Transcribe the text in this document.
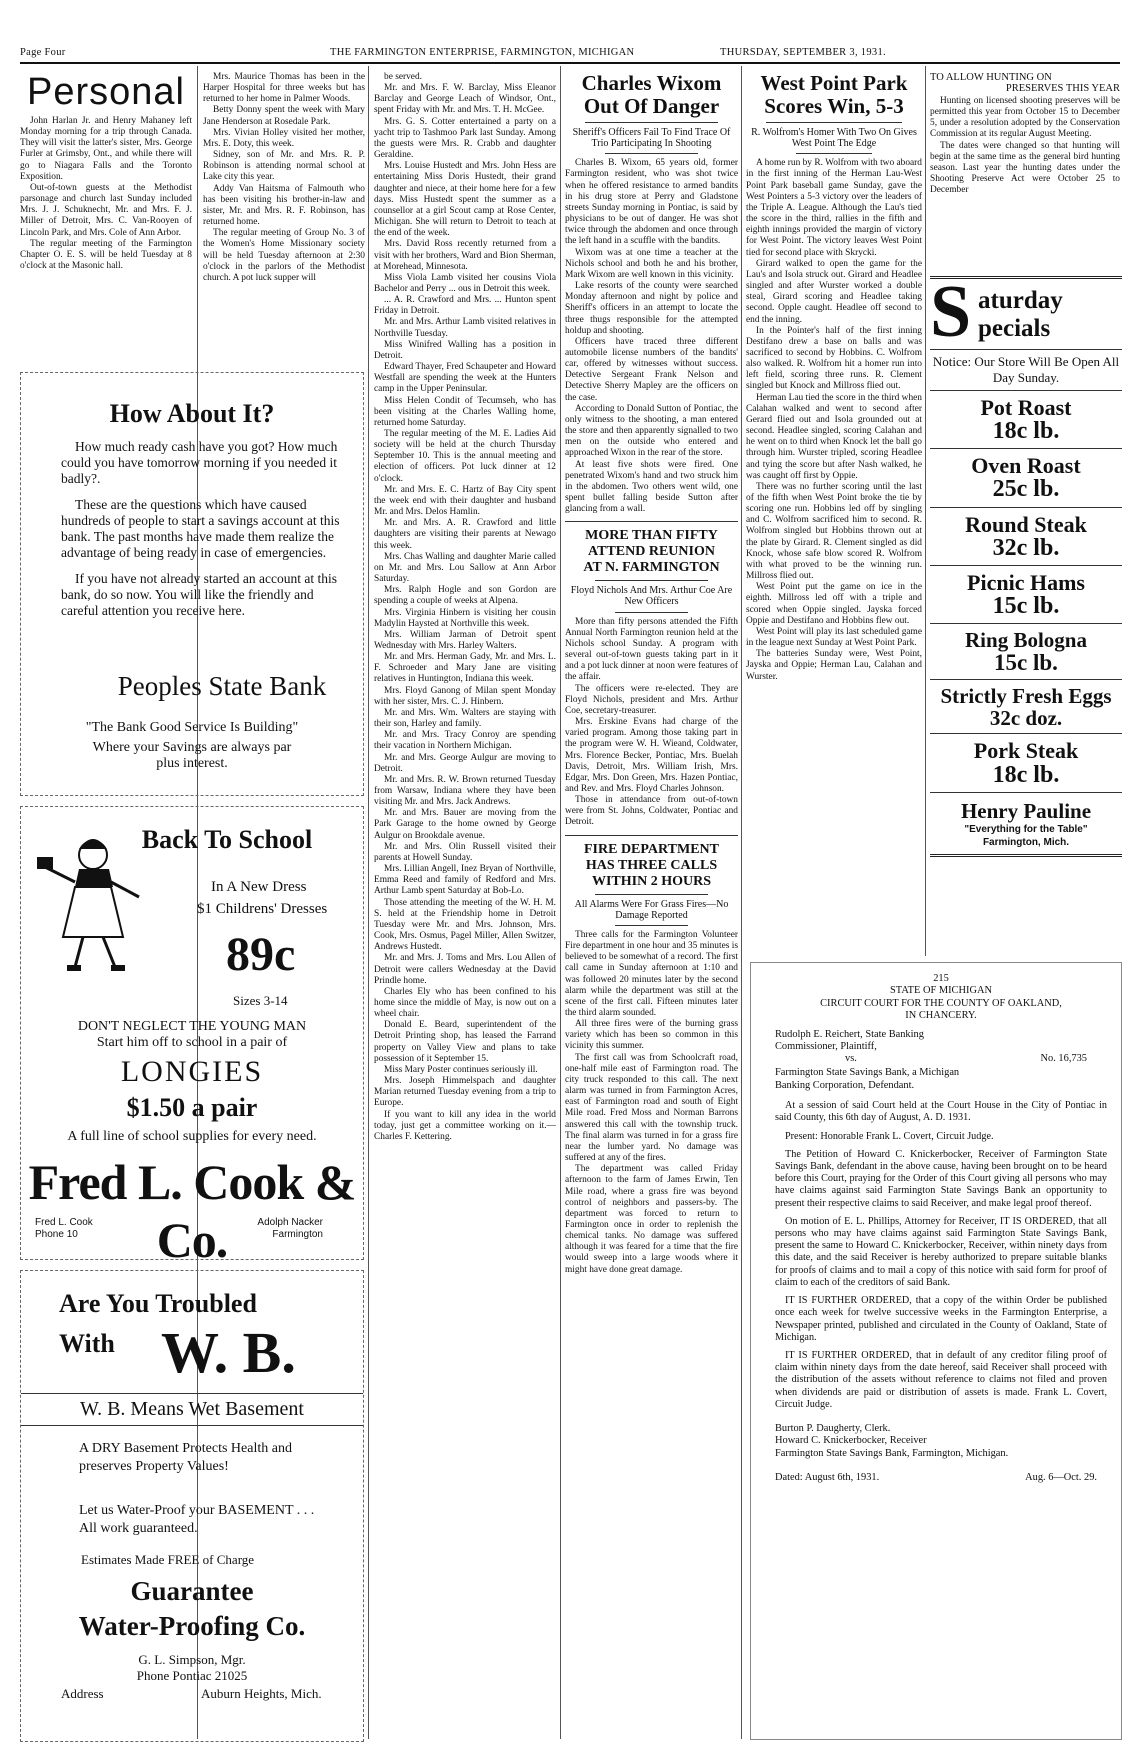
Page Four	THE FARMINGTON ENTERPRISE, FARMINGTON, MICHIGAN	THURSDAY, SEPTEMBER 3, 1931.
Personal

John Harlan Jr. and Henry Mahaney left Monday morning for a trip through Canada. They will visit the latter's sister, Mrs. George Furler at Grimsby, Ont., and while there will go to Niagara Falls and the Toronto Exposition.

Out-of-town guests at the Methodist parsonage and church last Sunday included Mrs. J. J. Schuknecht, Mr. and Mrs. F. J. Miller of Detroit, Mrs. C. Van-Rooyen of Lincoln Park, and Mrs. Cole of Ann Arbor.

The regular meeting of the Farmington Chapter O. E. S. will be held Tuesday at 8 o'clock at the Masonic hall.

Mrs. Maurice Thomas has been in the Harper Hospital for three weeks but has returned to her home in Palmer Woods.

Betty Donny spent the week with Mary Jane Henderson at Rosedale Park.

Mrs. Vivian Holley visited her mother, Mrs. E. Doty, this week.

Sidney, son of Mr. and Mrs. R. P. Robinson is attending normal school at Lake city this year.

Addy Van Haitsma of Falmouth who has been visiting his brother-in-law and sister, Mr. and Mrs. R. F. Robinson, has returned home.

The regular meeting of Group No. 3 of the Women's Home Missionary society will be held Tuesday afternoon at 2:30 o'clock in the parlors of the Methodist church. A pot luck supper will

How About It?

How much ready cash have you got? How much could you have tomorrow morning if you needed it badly?.

These are the questions which have caused hundreds of people to start a savings account at this bank. The past months have made them realize the advantage of being ready in case of emergencies.

If you have not already started an account at this bank, do so now. You will like the friendly and careful attention you receive here.

Peoples State Bank
"The Bank Good Service Is Building"
Where your Savings are always par plus interest.
Back To School
In A New Dress
$1 Childrens' Dresses
89c
Sizes 3-14
DON'T NEGLECT THE YOUNG MAN
Start him off to school in a pair of
LONGIES
$1.50 a pair
A full line of school supplies for every need.
Fred L. Cook & Co.
Fred L. Cook
Phone 10
Adolph Nacker
Farmington
Are You Troubled
With W. B.
W. B. Means Wet Basement
A DRY Basement Protects Health and preserves Property Values!
Let us Water-Proof your BASEMENT . . . All work guaranteed.
Estimates Made FREE of Charge
Guarantee
Water-Proofing Co.
G. L. Simpson, Mgr.
Phone Pontiac 21025
Address	Auburn Heights, Mich.

be served.

Mr. and Mrs. F. W. Barclay, Miss Eleanor Barclay and George Leach of Windsor, Ont., spent Friday with Mr. and Mrs. T. H. McGee.

Mrs. G. S. Cotter entertained a party on a yacht trip to Tashmoo Park last Sunday. Among the guests were Mrs. R. Crabb and daughter Geraldine.

Mrs. Louise Hustedt and Mrs. John Hess are entertaining Miss Doris Hustedt, their grand daughter and niece, at their home here for a few days. Miss Hustedt spent the summer as a counsellor at a girl Scout camp at Rose Center, Michigan. She will return to Detroit to teach at the end of the week.

Mrs. David Ross recently returned from a visit with her brothers, Ward and Bion Sherman, at Morehead, Minnesota.

Miss Viola Lamb visited her cousins Viola Bachelor and Perry ... ous in Detroit this week.

... A. R. Crawford and Mrs. ... Hunton spent Friday in Detroit.

Mr. and Mrs. Arthur Lamb visited relatives in Northville Tuesday.

Miss Winifred Walling has a position in Detroit.

Edward Thayer, Fred Schaupeter and Howard Westfall are spending the week at the Hunters camp in the Upper Peninsular.

Miss Helen Condit of Tecumseh, who has been visiting at the Charles Walling home, returned home Saturday.

The regular meeting of the M. E. Ladies Aid society will be held at the church Thursday September 10. This is the annual meeting and election of officers. Pot luck dinner at 12 o'clock.

Mr. and Mrs. E. C. Hartz of Bay City spent the week end with their daughter and husband Mr. and Mrs. Delos Hamlin.

Mr. and Mrs. A. R. Crawford and little daughters are visiting their parents at Newago this week.

Mrs. Chas Walling and daughter Marie called on Mr. and Mrs. Lou Sallow at Ann Arbor Saturday.

Mrs. Ralph Hogle and son Gordon are spending a couple of weeks at Alpena.

Mrs. Virginia Hinbern is visiting her cousin Madylin Haysted at Northville this week.

Mrs. William Jarman of Detroit spent Wednesday with Mrs. Harley Walters.

Mr. and Mrs. Herman Gady, Mr. and Mrs. L. F. Schroeder and Mary Jane are visiting relatives in Huntington, Indiana this week.

Mrs. Floyd Ganong of Milan spent Monday with her sister, Mrs. C. J. Hinbern.

Mr. and Mrs. Wm. Walters are staying with their son, Harley and family.

Mr. and Mrs. Tracy Conroy are spending their vacation in Northern Michigan.

Mr. and Mrs. George Aulgur are moving to Detroit.

Mr. and Mrs. R. W. Brown returned Tuesday from Warsaw, Indiana where they have been visiting Mr. and Mrs. Jack Andrews.

Mr. and Mrs. Bauer are moving from the Park Garage to the home owned by George Aulgur on Brookdale avenue.

Mr. and Mrs. Olin Russell visited their parents at Howell Sunday.

Mrs. Lillian Angell, Inez Bryan of Northville, Emma Reed and family of Redford and Mrs. Arthur Lamb spent Saturday at Bob-Lo.

Those attending the meeting of the W. H. M. S. held at the Friendship home in Detroit Tuesday were Mr. and Mrs. Johnson, Mrs. Cook, Mrs. Osmus, Pagel Miller, Allen Switzer, Andrews Hustedt.

Mr. and Mrs. J. Toms and Mrs. Lou Allen of Detroit were callers Wednesday at the David Prindle home.

Charles Ely who has been confined to his home since the middle of May, is now out on a wheel chair.

Donald E. Beard, superintendent of the Detroit Printing shop, has leased the Farrand property on Valley View and plans to take possession of it September 15.

Miss Mary Poster continues seriously ill.

Mrs. Joseph Himmelspach and daughter Marian returned Tuesday evening from a trip to Europe.

If you want to kill any idea in the world today, just get a committee working on it.—Charles F. Kettering.

Charles Wixom
Out Of Danger
Sheriff's Officers Fail To Find Trace Of Trio Participating In Shooting

Charles B. Wixom, 65 years old, former Farmington resident, who was shot twice when he offered resistance to armed bandits in his drug store at Perry and Gladstone streets Sunday morning in Pontiac, is said by physicians to be out of danger. He was shot twice through the abdomen and once through the left hand in a scuffle with the bandits.

Wixom was at one time a teacher at the Nichols school and both he and his brother, Mark Wixom are well known in this vicinity.

Lake resorts of the county were searched Monday afternoon and night by police and Sheriff's officers in an attempt to locate the three thugs responsible for the attempted holdup and shooting.

Officers have traced three different automobile license numbers of the bandits' car, offered by witnesses without success. Detective Sergeant Frank Nelson and Detective Sherry Mapley are the officers on the case.

According to Donald Sutton of Pontiac, the only witness to the shooting, a man entered the store and then apparently signalled to two men on the outside who entered and approached Wixon in the rear of the store.

At least five shots were fired. One penetrated Wixom's hand and two struck him in the abdomen. Two others went wild, one spent bullet falling beside Sutton after glancing from a wall.

MORE THAN FIFTY
ATTEND REUNION
AT N. FARMINGTON
Floyd Nichols And Mrs. Arthur Coe Are New Officers

More than fifty persons attended the Fifth Annual North Farmington reunion held at the Nichols school Sunday. A program with several out-of-town guests taking part in it and a pot luck dinner at noon were features of the affair.

The officers were re-elected. They are Floyd Nichols, president and Mrs. Arthur Coe, secretary-treasurer.

Mrs. Erskine Evans had charge of the varied program. Among those taking part in the program were W. H. Wieand, Coldwater, Mrs. Florence Becker, Pontiac, Mrs. Buelah Davis, Detroit, Mrs. William Irish, Mrs. Edgar, Mrs. Don Green, Mrs. Hazen Pontiac, and Rev. and Mrs. Floyd Charles Johnson.

Those in attendance from out-of-town were from St. Johns, Coldwater, Pontiac and Detroit.

FIRE DEPARTMENT
HAS THREE CALLS
WITHIN 2 HOURS
All Alarms Were For Grass Fires—No Damage Reported

Three calls for the Farmington Volunteer Fire department in one hour and 35 minutes is believed to be somewhat of a record. The first call came in Sunday afternoon at 1:10 and was followed 20 minutes later by the second alarm while the department was still at the scene of the first call. Fifteen minutes later the third alarm sounded.

All three fires were of the burning grass variety which has been so common in this vicinity this summer.

The first call was from Schoolcraft road, one-half mile east of Farmington road. The city truck responded to this call. The next alarm was turned in from Farmington Acres, east of Farmington road and south of Eight Mile road. Fred Moss and Norman Barrons answered this call with the township truck. The final alarm was turned in for a grass fire near the lumber yard. No damage was suffered at any of the fires.

The department was called Friday afternoon to the farm of James Erwin, Ten Mile road, where a grass fire was beyond control of neighbors and passers-by. The department was forced to return to Farmington once in order to replenish the chemical tanks. No damage was suffered although it was feared for a time that the fire would sweep into a large woods where it might have done great damage.

West Point Park
Scores Win, 5-3
R. Wolfrom's Homer With Two On Gives West Point The Edge

A home run by R. Wolfrom with two aboard in the first inning of the Herman Lau-West Point Park baseball game Sunday, gave the West Pointers a 5-3 victory over the leaders of the Triple A. League. Although the Lau's tied the score in the third, rallies in the fifth and eighth innings provided the margin of victory for West Point. The victory leaves West Point tied for second place with Skrycki.

Girard walked to open the game for the Lau's and Isola struck out. Girard and Headlee singled and after Wurster worked a double steal, Girard scoring and Headlee taking second. Opple caught. Headlee off second to end the inning.

In the Pointer's half of the first inning Destifano drew a base on balls and was sacrificed to second by Hobbins. C. Wolfrom also walked. R. Wolfrom hit a homer run into left field, scoring three runs. R. Clement singled but Knock and Millross flied out.

Herman Lau tied the score in the third when Calahan walked and went to second after Gerard flied out and Isola grounded out at second. Headlee singled, scoring Calahan and he went on to third when Knock let the ball go through him. Wurster tripled, scoring Headlee and tying the score but after Nash walked, he was caught off first by Oppie.

There was no further scoring until the last of the fifth when West Point broke the tie by scoring one run. Hobbins led off by singling and C. Wolfrom sacrificed him to second. R. Wolfrom singled but Hobbins thrown out at the plate by Girard. R. Clement singled as did Knock, whose safe blow scored R. Wolfrom with what proved to be the winning run. Millross flied out.

West Point put the game on ice in the eighth. Millross led off with a triple and scored when Oppie singled. Jayska forced Oppie and Destifano and Hobbins flew out.

West Point will play its last scheduled game in the league next Sunday at West Point Park.

The batteries Sunday were, West Point, Jayska and Oppie; Herman Lau, Calahan and Wurster.

TO ALLOW HUNTING ON
PRESERVES THIS YEAR

Hunting on licensed shooting preserves will be permitted this year from October 15 to December 5, under a resolution adopted by the Conservation Commission at its regular August Meeting.

The dates were changed so that hunting will begin at the same time as the general bird hunting season. Last year the hunting dates under the Shooting Preserve Act were October 25 to December

S aturday
pecials
Notice: Our Store Will Be Open All Day Sunday.
Pot Roast
18c lb.
Oven Roast
25c lb.
Round Steak
32c lb.
Picnic Hams
15c lb.
Ring Bologna
15c lb.
Strictly Fresh Eggs
32c doz.
Pork Steak
18c lb.
Henry Pauline
"Everything for the Table"
Farmington, Mich.
215
STATE OF MICHIGAN
CIRCUIT COURT FOR THE COUNTY OF OAKLAND, IN CHANCERY.
Rudolph E. Reichert, State Banking Commissioner, Plaintiff,
vs.	No. 16,735
Farmington State Savings Bank, a Michigan Banking Corporation, Defendant.

At a session of said Court held at the Court House in the City of Pontiac in said County, this 6th day of August, A. D. 1931.

Present: Honorable Frank L. Covert, Circuit Judge.

The Petition of Howard C. Knickerbocker, Receiver of Farmington State Savings Bank, defendant in the above cause, having been brought on to be heard before this Court, praying for the Order of this Court giving all persons who may have claims against said Farmington State Savings Bank an opportunity to present their respective claims to said Receiver, and make legal proof thereof.

On motion of E. L. Phillips, Attorney for Receiver, IT IS ORDERED, that all persons who may have claims against said Farmington State Savings Bank, present the same to Howard C. Knickerbocker, Receiver, within ninety days from this date, and the said Receiver is hereby authorized to prepare suitable blanks for proofs of claims and to mail a copy of this notice with said form for proof of claim to each of the creditors of said Bank.

IT IS FURTHER ORDERED, that a copy of the within Order be published once each week for twelve successive weeks in the Farmington Enterprise, a Newspaper printed, published and circulated in the County of Oakland, State of Michigan.

IT IS FURTHER ORDERED, that in default of any creditor filing proof of claim within ninety days from the date hereof, said Receiver shall proceed with the distribution of the assets without reference to claims not filed and proven when dividends are paid or distribution of assets is made. Frank L. Covert, Circuit Judge.

Burton P. Daugherty, Clerk.
Howard C. Knickerbocker, Receiver
Farmington State Savings Bank, Farmington, Michigan.
Dated: August 6th, 1931.	Aug. 6—Oct. 29.
